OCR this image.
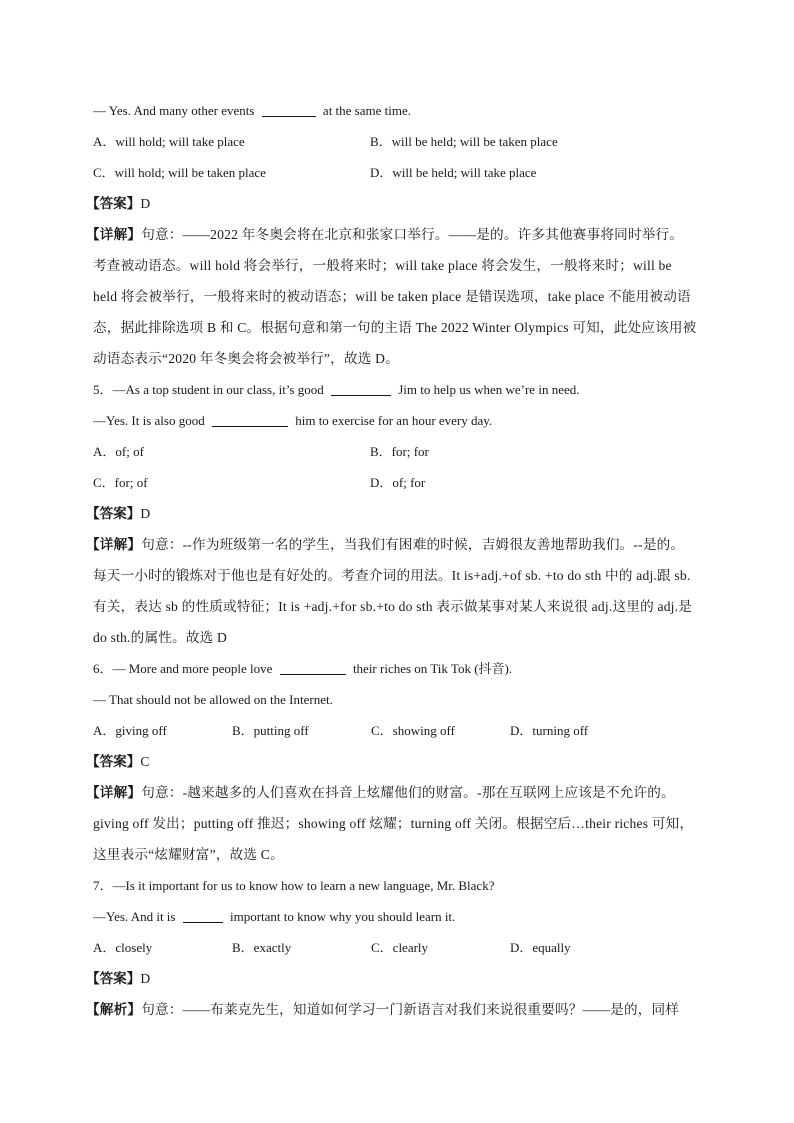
— Yes. And many other events	at the same time.
A．will hold; will take place	B．will be held; will be taken place
C．will hold; will be taken place	D．will be held; will take place
【答案】D
【详解】句意：——2022 年冬奥会将在北京和张家口举行。——是的。许多其他赛事将同时举行。
考查被动语态。will hold 将会举行，一般将来时；will take place 将会发生，一般将来时；will be
held 将会被举行，一般将来时的被动语态；will be taken place 是错误选项，take place 不能用被动语
态，据此排除选项 B 和 C。根据句意和第一句的主语 The 2022 Winter Olympics 可知，此处应该用被
动语态表示“2020 年冬奥会将会被举行”，故选 D。
5．—As a top student in our class, it’s good	Jim to help us when we’re in need.
—Yes. It is also good	him to exercise for an hour every day.
A．of; of	B．for; for
C．for; of	D．of; for
【答案】D
【详解】句意：--作为班级第一名的学生，当我们有困难的时候，吉姆很友善地帮助我们。--是的。
每天一小时的锻炼对于他也是有好处的。考查介词的用法。It is+adj.+of sb. +to do sth 中的 adj.跟 sb.
有关，表达 sb 的性质或特征；It is +adj.+for sb.+to do sth 表示做某事对某人来说很 adj.这里的 adj.是
do sth.的属性。故选 D
6．— More and more people love	their riches on Tik Tok (抖音).
— That should not be allowed on the Internet.
A．giving off	B．putting off	C．showing off	D．turning off
【答案】C
【详解】句意：-越来越多的人们喜欢在抖音上炫耀他们的财富。-那在互联网上应该是不允许的。
giving off 发出；putting off 推迟；showing off 炫耀；turning off 关闭。根据空后…their riches 可知，
这里表示“炫耀财富”，故选 C。
7．—Is it important for us to know how to learn a new language, Mr. Black?
—Yes. And it is	important to know why you should learn it.
A．closely	B．exactly	C．clearly	D．equally
【答案】D
【解析】句意：——布莱克先生，知道如何学习一门新语言对我们来说很重要吗？——是的，同样
